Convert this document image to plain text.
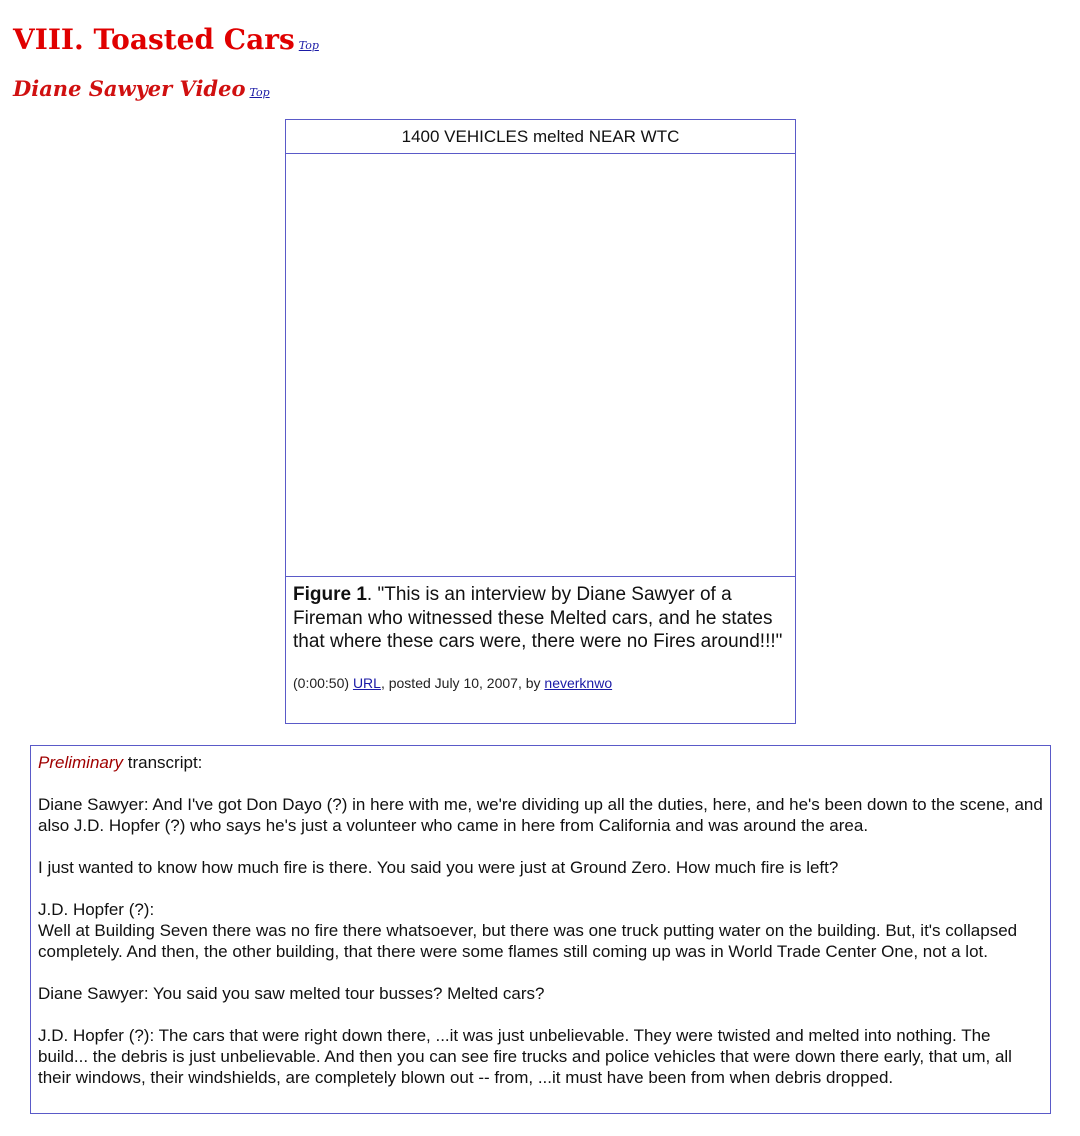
VIII. Toasted Cars Top
Diane Sawyer Video Top
1400 VEHICLES melted NEAR WTC
Figure 1. "This is an interview by Diane Sawyer of a Fireman who witnessed these Melted cars, and he states that where these cars were, there were no Fires around!!!"
(0:00:50) URL, posted July 10, 2007, by neverknwo

Preliminary transcript:

Diane Sawyer: And I've got Don Dayo (?) in here with me, we're dividing up all the duties, here, and he's been down to the scene, and also J.D. Hopfer (?) who says he's just a volunteer who came in here from California and was around the area.

I just wanted to know how much fire is there. You said you were just at Ground Zero. How much fire is left?

J.D. Hopfer (?):
Well at Building Seven there was no fire there whatsoever, but there was one truck putting water on the building. But, it's collapsed completely. And then, the other building, that there were some flames still coming up was in World Trade Center One, not a lot.

Diane Sawyer: You said you saw melted tour busses? Melted cars?

J.D. Hopfer (?): The cars that were right down there, ...it was just unbelievable. They were twisted and melted into nothing. The build... the debris is just unbelievable. And then you can see fire trucks and police vehicles that were down there early, that um, all their windows, their windshields, are completely blown out -- from, ...it must have been from when debris dropped.
